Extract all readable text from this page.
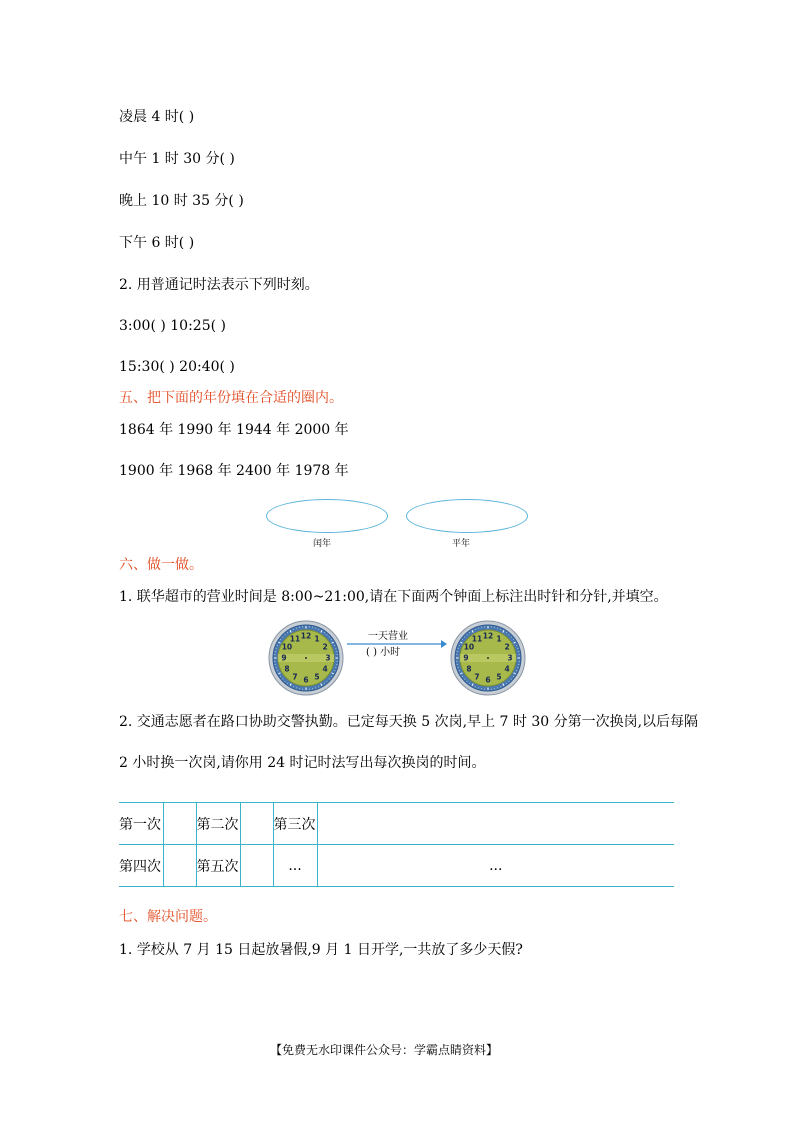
凌晨 4 时( )
中午 1 时 30 分( )
晚上 10 时 35 分( )
下午 6 时( )
2. 用普通记时法表示下列时刻。
3:00( ) 10:25( )
15:30( ) 20:40( )
五、把下面的年份填在合适的圈内。
1864 年 1990 年 1944 年 2000 年
1900 年 1968 年 2400 年 1978 年
闰年	平年
六、做一做。
1. 联华超市的营业时间是 8:00~21:00,请在下面两个钟面上标注出时针和分针,并填空。
12 1
2
3
4
5
6
7
8
9
10
11	12 1
2
3
4
5
6
7
8
9
10
11
一天营业
( ) 小时
2. 交通志愿者在路口协助交警执勤。已定每天换 5 次岗,早上 7 时 30 分第一次换岗,以后每隔
2 小时换一次岗,请你用 24 时记时法写出每次换岗的时间。
第一次		第二次		第三次	
第四次		第五次		...	...
七、解决问题。
1. 学校从 7 月 15 日起放暑假,9 月 1 日开学,一共放了多少天假?
【免费无水印课件公众号：学霸点睛资料】
